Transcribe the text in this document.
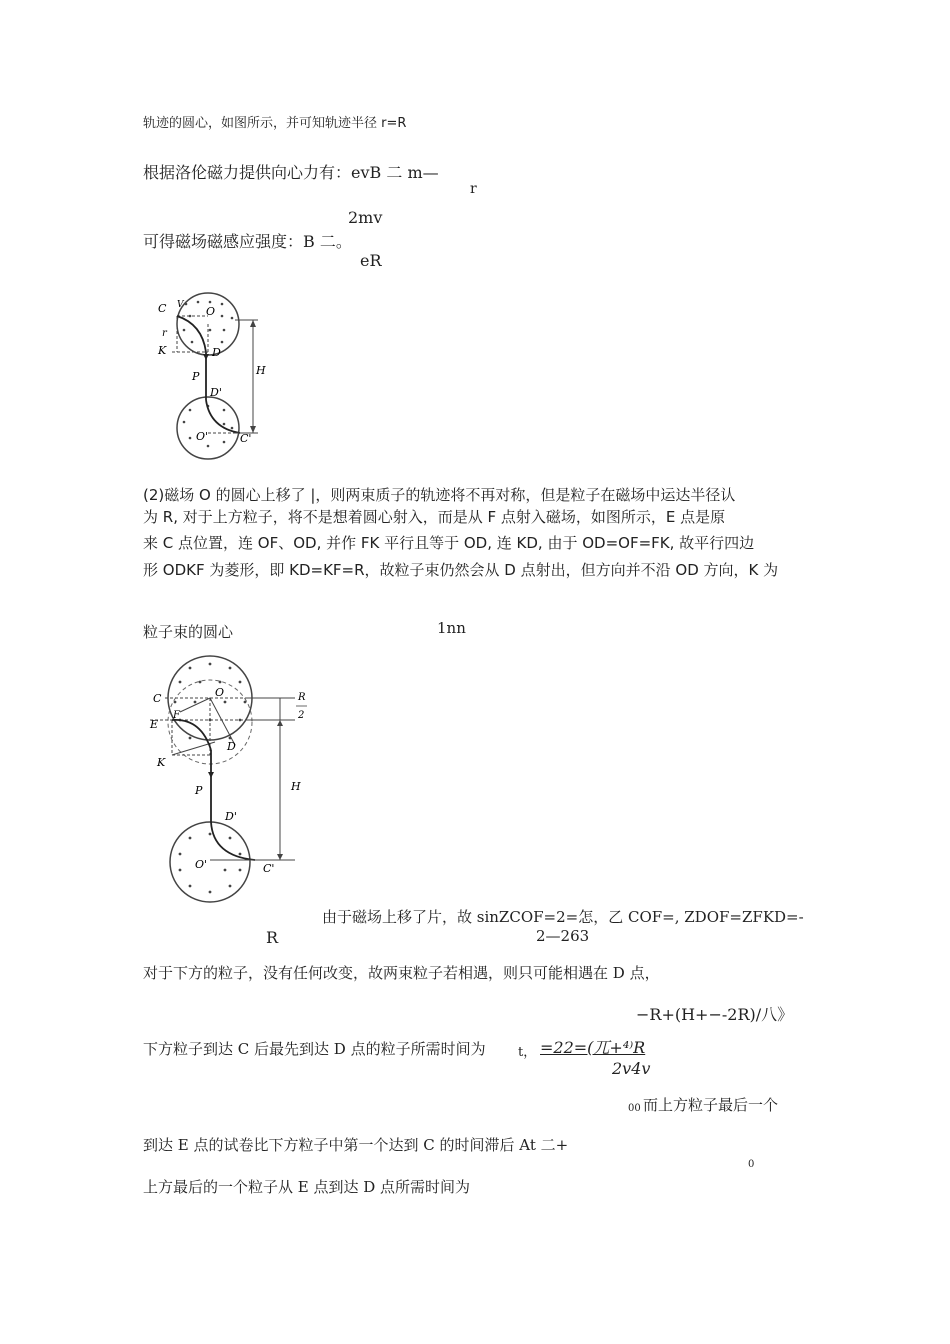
轨迹的圆心，如图所示，并可知轨迹半径 r=R
根据洛伦磁力提供向心力有：evB 二 m—
r
2mv
可得磁场磁感应强度：B 二。
eR
C V O
r
K	D
P	H
D'
O'	C'
(2)磁场 O 的圆心上移了 |，则两束质子的轨迹将不再对称，但是粒子在磁场中运达半径认
为 R, 对于上方粒子，将不是想着圆心射入，而是从 F 点射入磁场，如图所示，E 点是原
来 C 点位置，连 OF、OD, 并作 FK 平行且等于 OD, 连 KD, 由于 OD=OF=FK, 故平行四边
形 ODKF 为菱形，即 KD=KF=R，故粒子束仍然会从 D 点射出，但方向并不沿 OD 方向，K 为
粒子束的圆心	1nn
C	O
E
F
K
D
P	H
D'
O'	C'
R
2
由于磁场上移了片，故 sinZCOF=2=怎，乙 COF=, ZDOF=ZFKD=-
R	2—263
对于下方的粒子，没有任何改变，故两束粒子若相遇，则只可能相遇在 D 点，
−R+(H+−-2R)/八》
下方粒子到达 C 后最先到达 D 点的粒子所需时间为 t， =22=(兀+⁴⁾R
2v4v
00 而上方粒子最后一个
到达 E 点的试卷比下方粒子中第一个达到 C 的时间滞后 At 二+
0
上方最后的一个粒子从 E 点到达 D 点所需时间为
